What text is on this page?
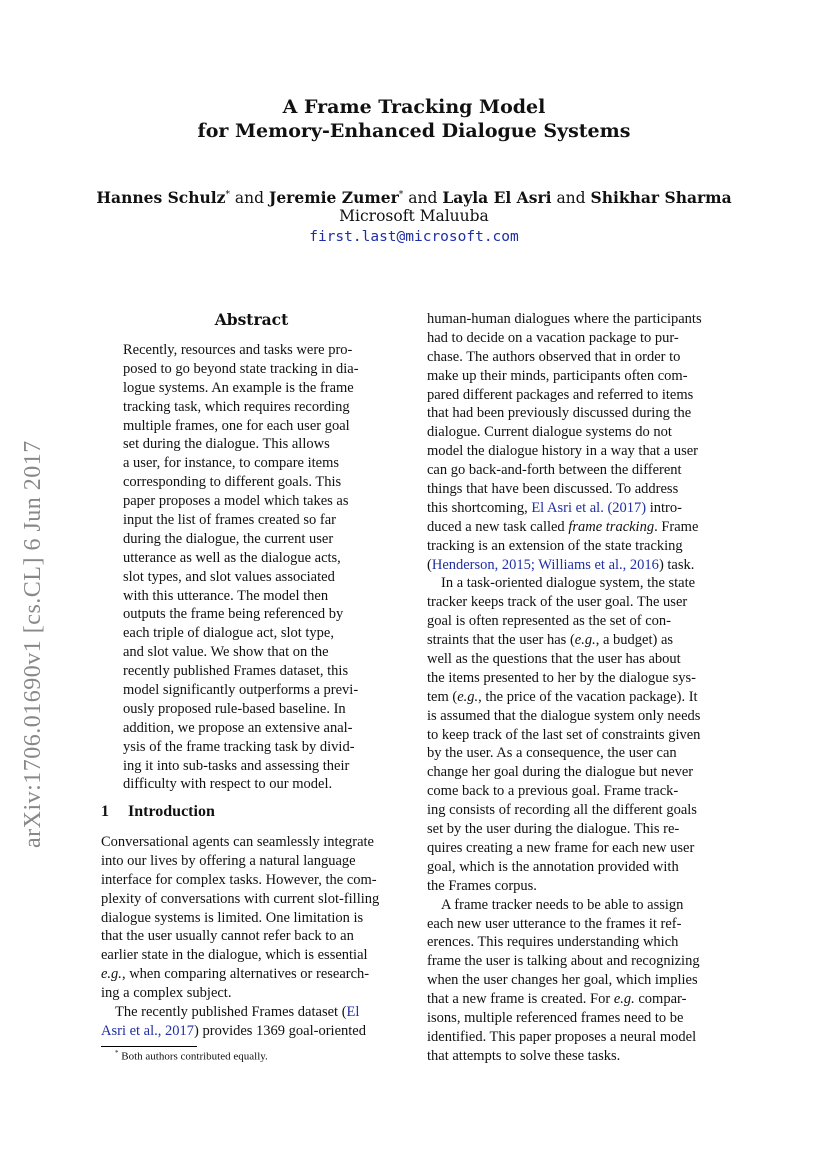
A Frame Tracking Model
for Memory-Enhanced Dialogue Systems
Hannes Schulz* and Jeremie Zumer* and Layla El Asri and Shikhar Sharma
Microsoft Maluuba
first.last@microsoft.com
arXiv:1706.01690v1 [cs.CL] 6 Jun 2017
Abstract
Recently, resources and tasks were pro-
posed to go beyond state tracking in dia-
logue systems. An example is the frame
tracking task, which requires recording
multiple frames, one for each user goal
set during the dialogue. This allows
a user, for instance, to compare items
corresponding to different goals. This
paper proposes a model which takes as
input the list of frames created so far
during the dialogue, the current user
utterance as well as the dialogue acts,
slot types, and slot values associated
with this utterance. The model then
outputs the frame being referenced by
each triple of dialogue act, slot type,
and slot value. We show that on the
recently published Frames dataset, this
model significantly outperforms a previ-
ously proposed rule-based baseline. In
addition, we propose an extensive anal-
ysis of the frame tracking task by divid-
ing it into sub-tasks and assessing their
difficulty with respect to our model.
1 Introduction
Conversational agents can seamlessly integrate
into our lives by offering a natural language
interface for complex tasks. However, the com-
plexity of conversations with current slot-filling
dialogue systems is limited. One limitation is
that the user usually cannot refer back to an
earlier state in the dialogue, which is essential
e.g., when comparing alternatives or research-
ing a complex subject.
The recently published Frames dataset (El
Asri et al., 2017) provides 1369 goal-oriented
* Both authors contributed equally.
human-human dialogues where the participants
had to decide on a vacation package to pur-
chase. The authors observed that in order to
make up their minds, participants often com-
pared different packages and referred to items
that had been previously discussed during the
dialogue. Current dialogue systems do not
model the dialogue history in a way that a user
can go back-and-forth between the different
things that have been discussed. To address
this shortcoming, El Asri et al. (2017) intro-
duced a new task called frame tracking. Frame
tracking is an extension of the state tracking
(Henderson, 2015; Williams et al., 2016) task.
In a task-oriented dialogue system, the state
tracker keeps track of the user goal. The user
goal is often represented as the set of con-
straints that the user has (e.g., a budget) as
well as the questions that the user has about
the items presented to her by the dialogue sys-
tem (e.g., the price of the vacation package). It
is assumed that the dialogue system only needs
to keep track of the last set of constraints given
by the user. As a consequence, the user can
change her goal during the dialogue but never
come back to a previous goal. Frame track-
ing consists of recording all the different goals
set by the user during the dialogue. This re-
quires creating a new frame for each new user
goal, which is the annotation provided with
the Frames corpus.
A frame tracker needs to be able to assign
each new user utterance to the frames it ref-
erences. This requires understanding which
frame the user is talking about and recognizing
when the user changes her goal, which implies
that a new frame is created. For e.g. compar-
isons, multiple referenced frames need to be
identified. This paper proposes a neural model
that attempts to solve these tasks.
